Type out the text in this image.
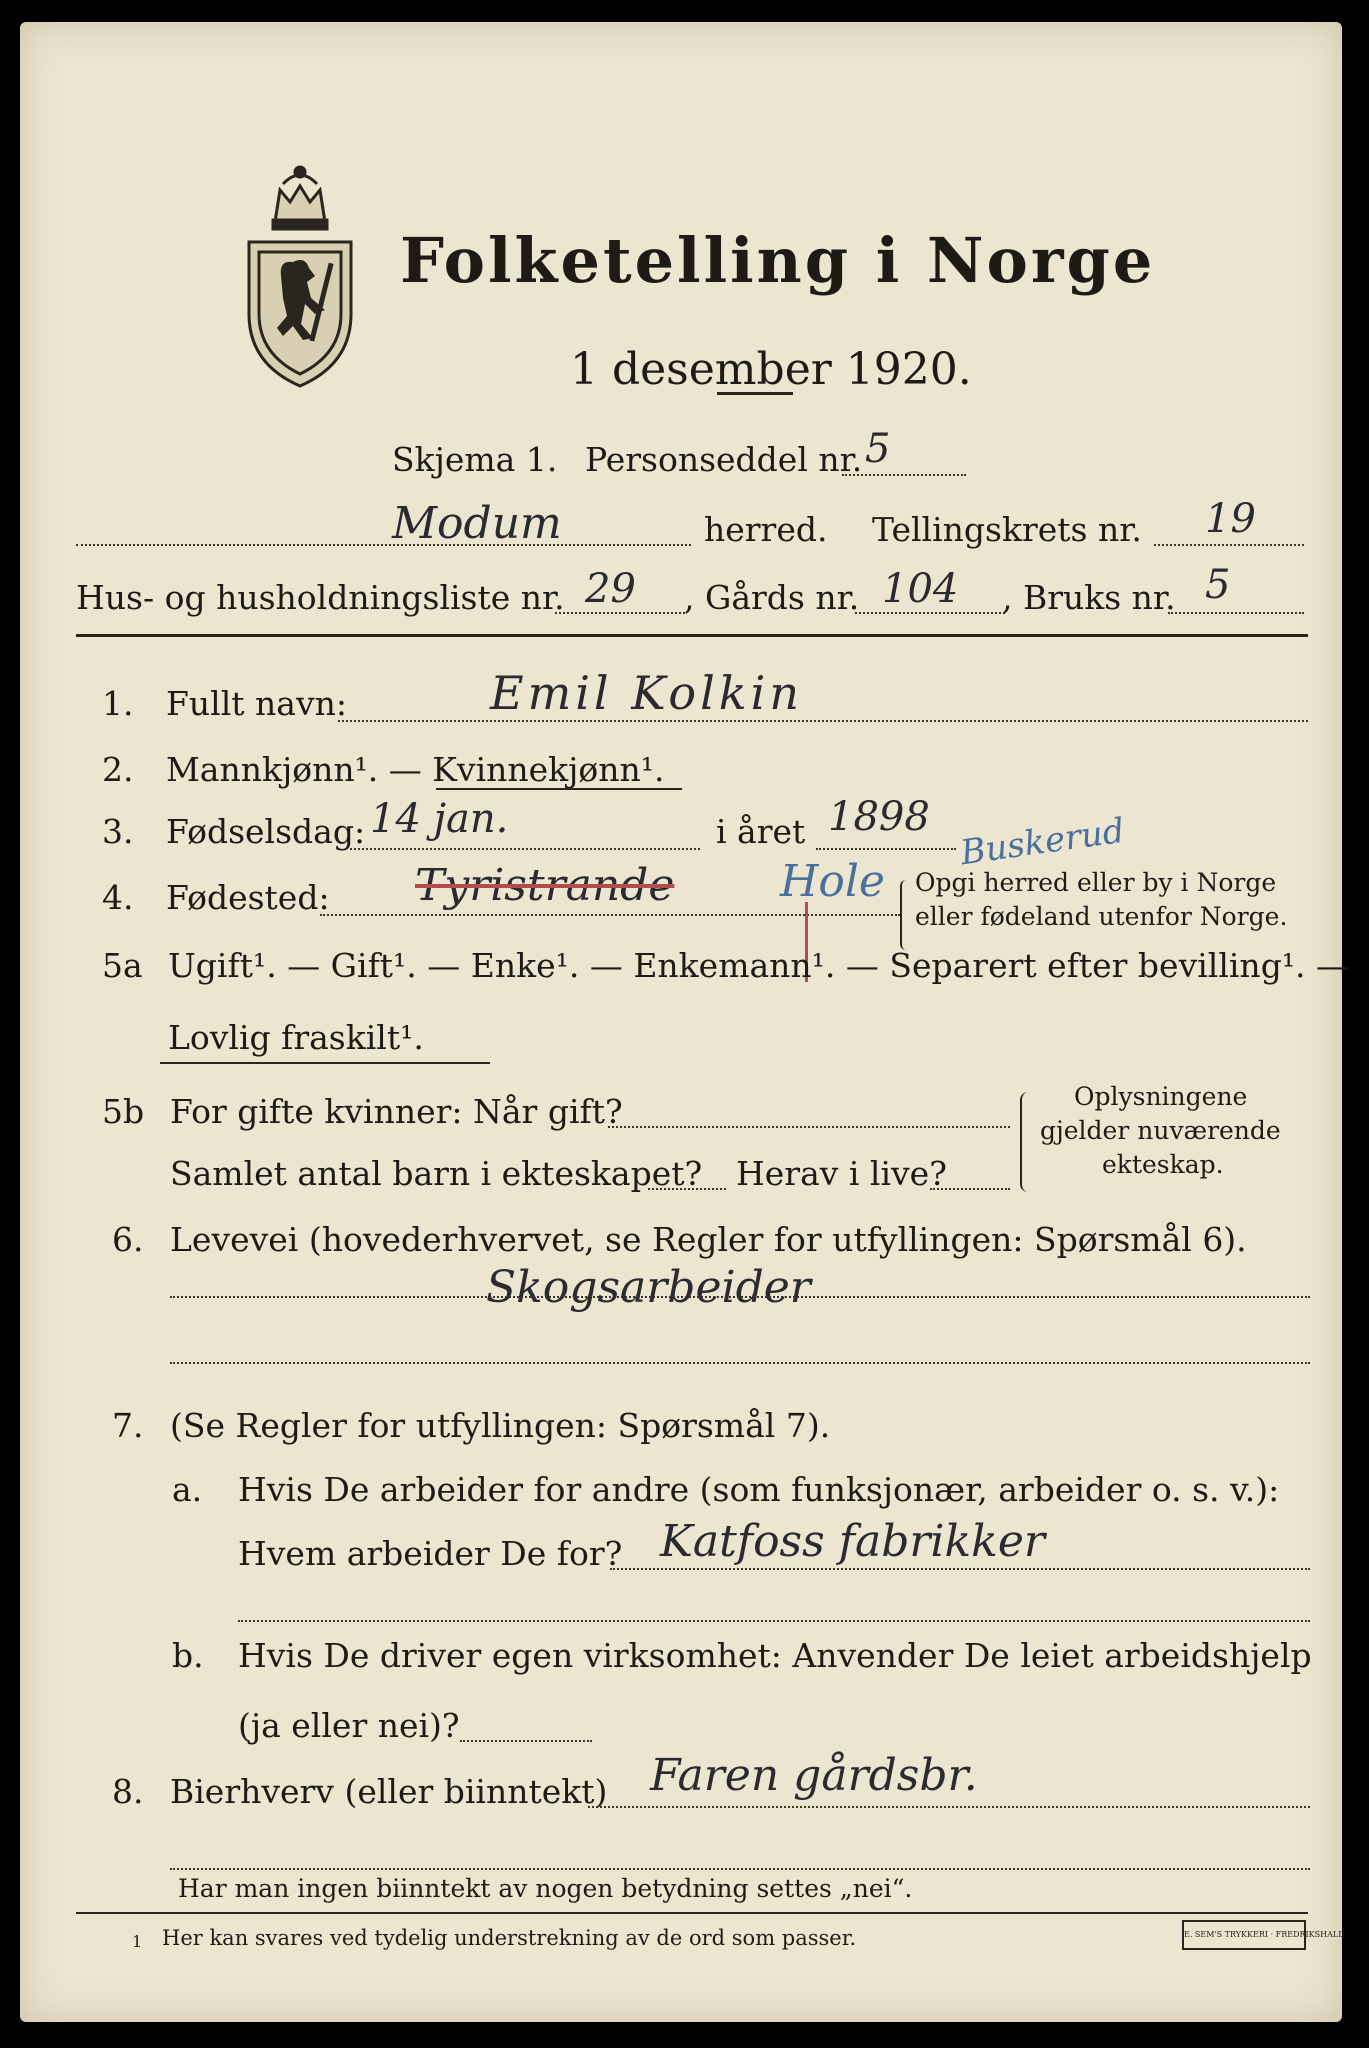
Folketelling i Norge
1 desember 1920.
Skjema 1. Personseddel nr. 5
Modum	herred. Tellingskrets nr. 19
Hus- og husholdningsliste nr. 29 , Gårds nr. 104 , Bruks nr. 5
1. Fullt navn:	Emil Kolkin
2. Mannkjønn¹. — Kvinnekjønn¹.
3. Fødselsdag: 14 jan.	i året 1898 Buskerud
4. Fødested: Tyristrande Hole Opgi herred eller by i Norge
eller fødeland utenfor Norge.
5a Ugift¹. — Gift¹. — Enke¹. — Enkemann¹. — Separert efter bevilling¹. —
Lovlig fraskilt¹.
5b For gifte kvinner: Når gift?
Samlet antal barn i ekteskapet? Herav i live?
Oplysningene
gjelder nuværende
ekteskap.
6. Levevei (hovederhvervet, se Regler for utfyllingen: Spørsmål 6).
Skogsarbeider
7. (Se Regler for utfyllingen: Spørsmål 7).
a. Hvis De arbeider for andre (som funksjonær, arbeider o. s. v.):
Hvem arbeider De for? Katfoss fabrikker
b. Hvis De driver egen virksomhet: Anvender De leiet arbeidshjelp
(ja eller nei)?
8. Bierhverv (eller biinntekt) Faren gårdsbr.
Har man ingen biinntekt av nogen betydning settes „nei“.
1 Her kan svares ved tydelig understrekning av de ord som passer.	E. SEM'S TRYKKERI · FREDRIKSHALD
